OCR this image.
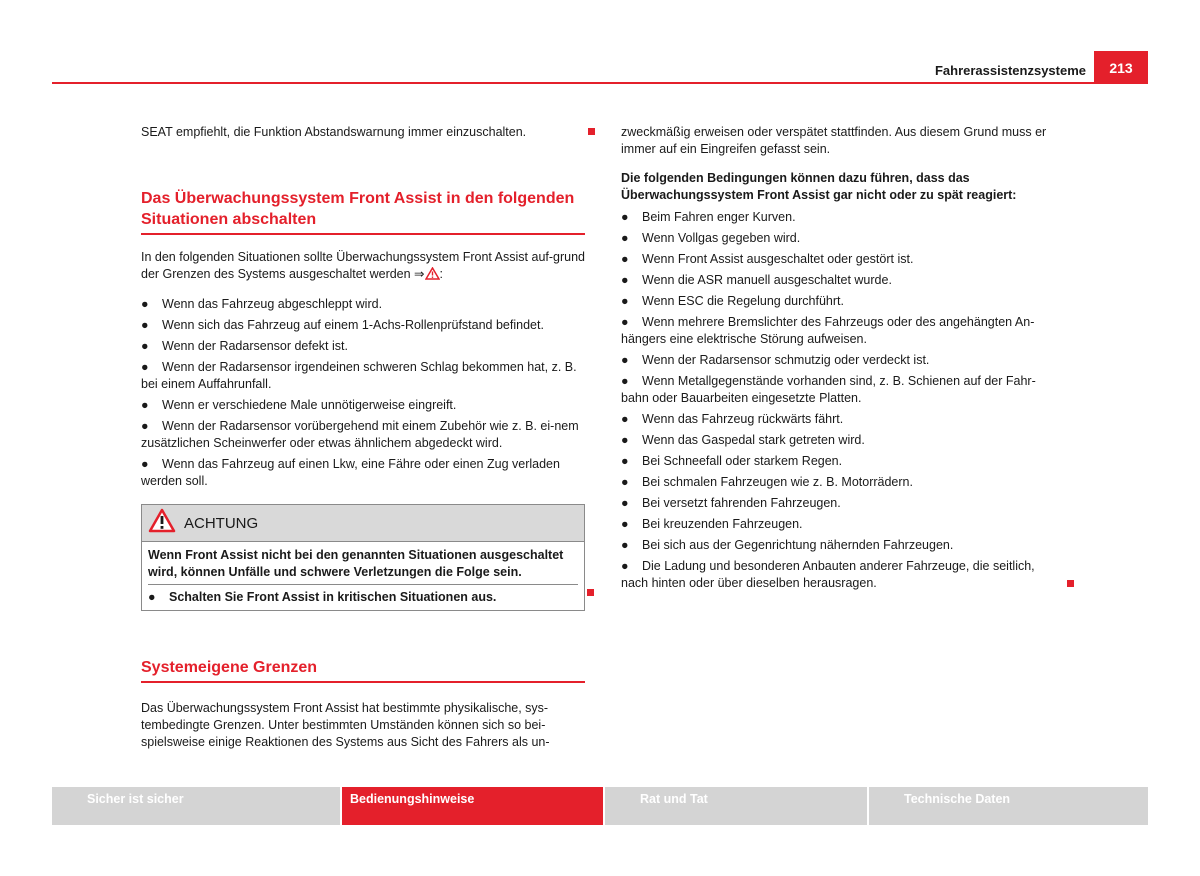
Fahrerassistenzsysteme	213

SEAT empfiehlt, die Funktion Abstandswarnung immer einzuschalten.

Das Überwachungssystem Front Assist in den folgenden Situationen abschalten

In den folgenden Situationen sollte Überwachungssystem Front Assist auf-grund der Grenzen des Systems ausgeschaltet werden ⇒ :

● Wenn das Fahrzeug abgeschleppt wird.
● Wenn sich das Fahrzeug auf einem 1-Achs-Rollenprüfstand befindet.
● Wenn der Radarsensor defekt ist.
● Wenn der Radarsensor irgendeinen schweren Schlag bekommen hat, z. B. bei einem Auffahrunfall.
● Wenn er verschiedene Male unnötigerweise eingreift.
● Wenn der Radarsensor vorübergehend mit einem Zubehör wie z. B. ei-nem zusätzlichen Scheinwerfer oder etwas ähnlichem abgedeckt wird.
● Wenn das Fahrzeug auf einen Lkw, eine Fähre oder einen Zug verladen werden soll.
ACHTUNG
Wenn Front Assist nicht bei den genannten Situationen ausgeschaltet wird, können Unfälle und schwere Verletzungen die Folge sein.
● Schalten Sie Front Assist in kritischen Situationen aus.
Systemeigene Grenzen

Das Überwachungssystem Front Assist hat bestimmte physikalische, sys-tembedingte Grenzen. Unter bestimmten Umständen können sich so bei-spielsweise einige Reaktionen des Systems aus Sicht des Fahrers als un-

zweckmäßig erweisen oder verspätet stattfinden. Aus diesem Grund muss er immer auf ein Eingreifen gefasst sein.

Die folgenden Bedingungen können dazu führen, dass das Überwachungssystem Front Assist gar nicht oder zu spät reagiert:

● Beim Fahren enger Kurven.
● Wenn Vollgas gegeben wird.
● Wenn Front Assist ausgeschaltet oder gestört ist.
● Wenn die ASR manuell ausgeschaltet wurde.
● Wenn ESC die Regelung durchführt.
● Wenn mehrere Bremslichter des Fahrzeugs oder des angehängten An-hängers eine elektrische Störung aufweisen.
● Wenn der Radarsensor schmutzig oder verdeckt ist.
● Wenn Metallgegenstände vorhanden sind, z. B. Schienen auf der Fahr-bahn oder Bauarbeiten eingesetzte Platten.
● Wenn das Fahrzeug rückwärts fährt.
● Wenn das Gaspedal stark getreten wird.
● Bei Schneefall oder starkem Regen.
● Bei schmalen Fahrzeugen wie z. B. Motorrädern.
● Bei versetzt fahrenden Fahrzeugen.
● Bei kreuzenden Fahrzeugen.
● Bei sich aus der Gegenrichtung nähernden Fahrzeugen.
● Die Ladung und besonderen Anbauten anderer Fahrzeuge, die seitlich, nach hinten oder über dieselben herausragen.
Sicher ist sicher	Bedienungshinweise	Rat und Tat	Technische Daten
